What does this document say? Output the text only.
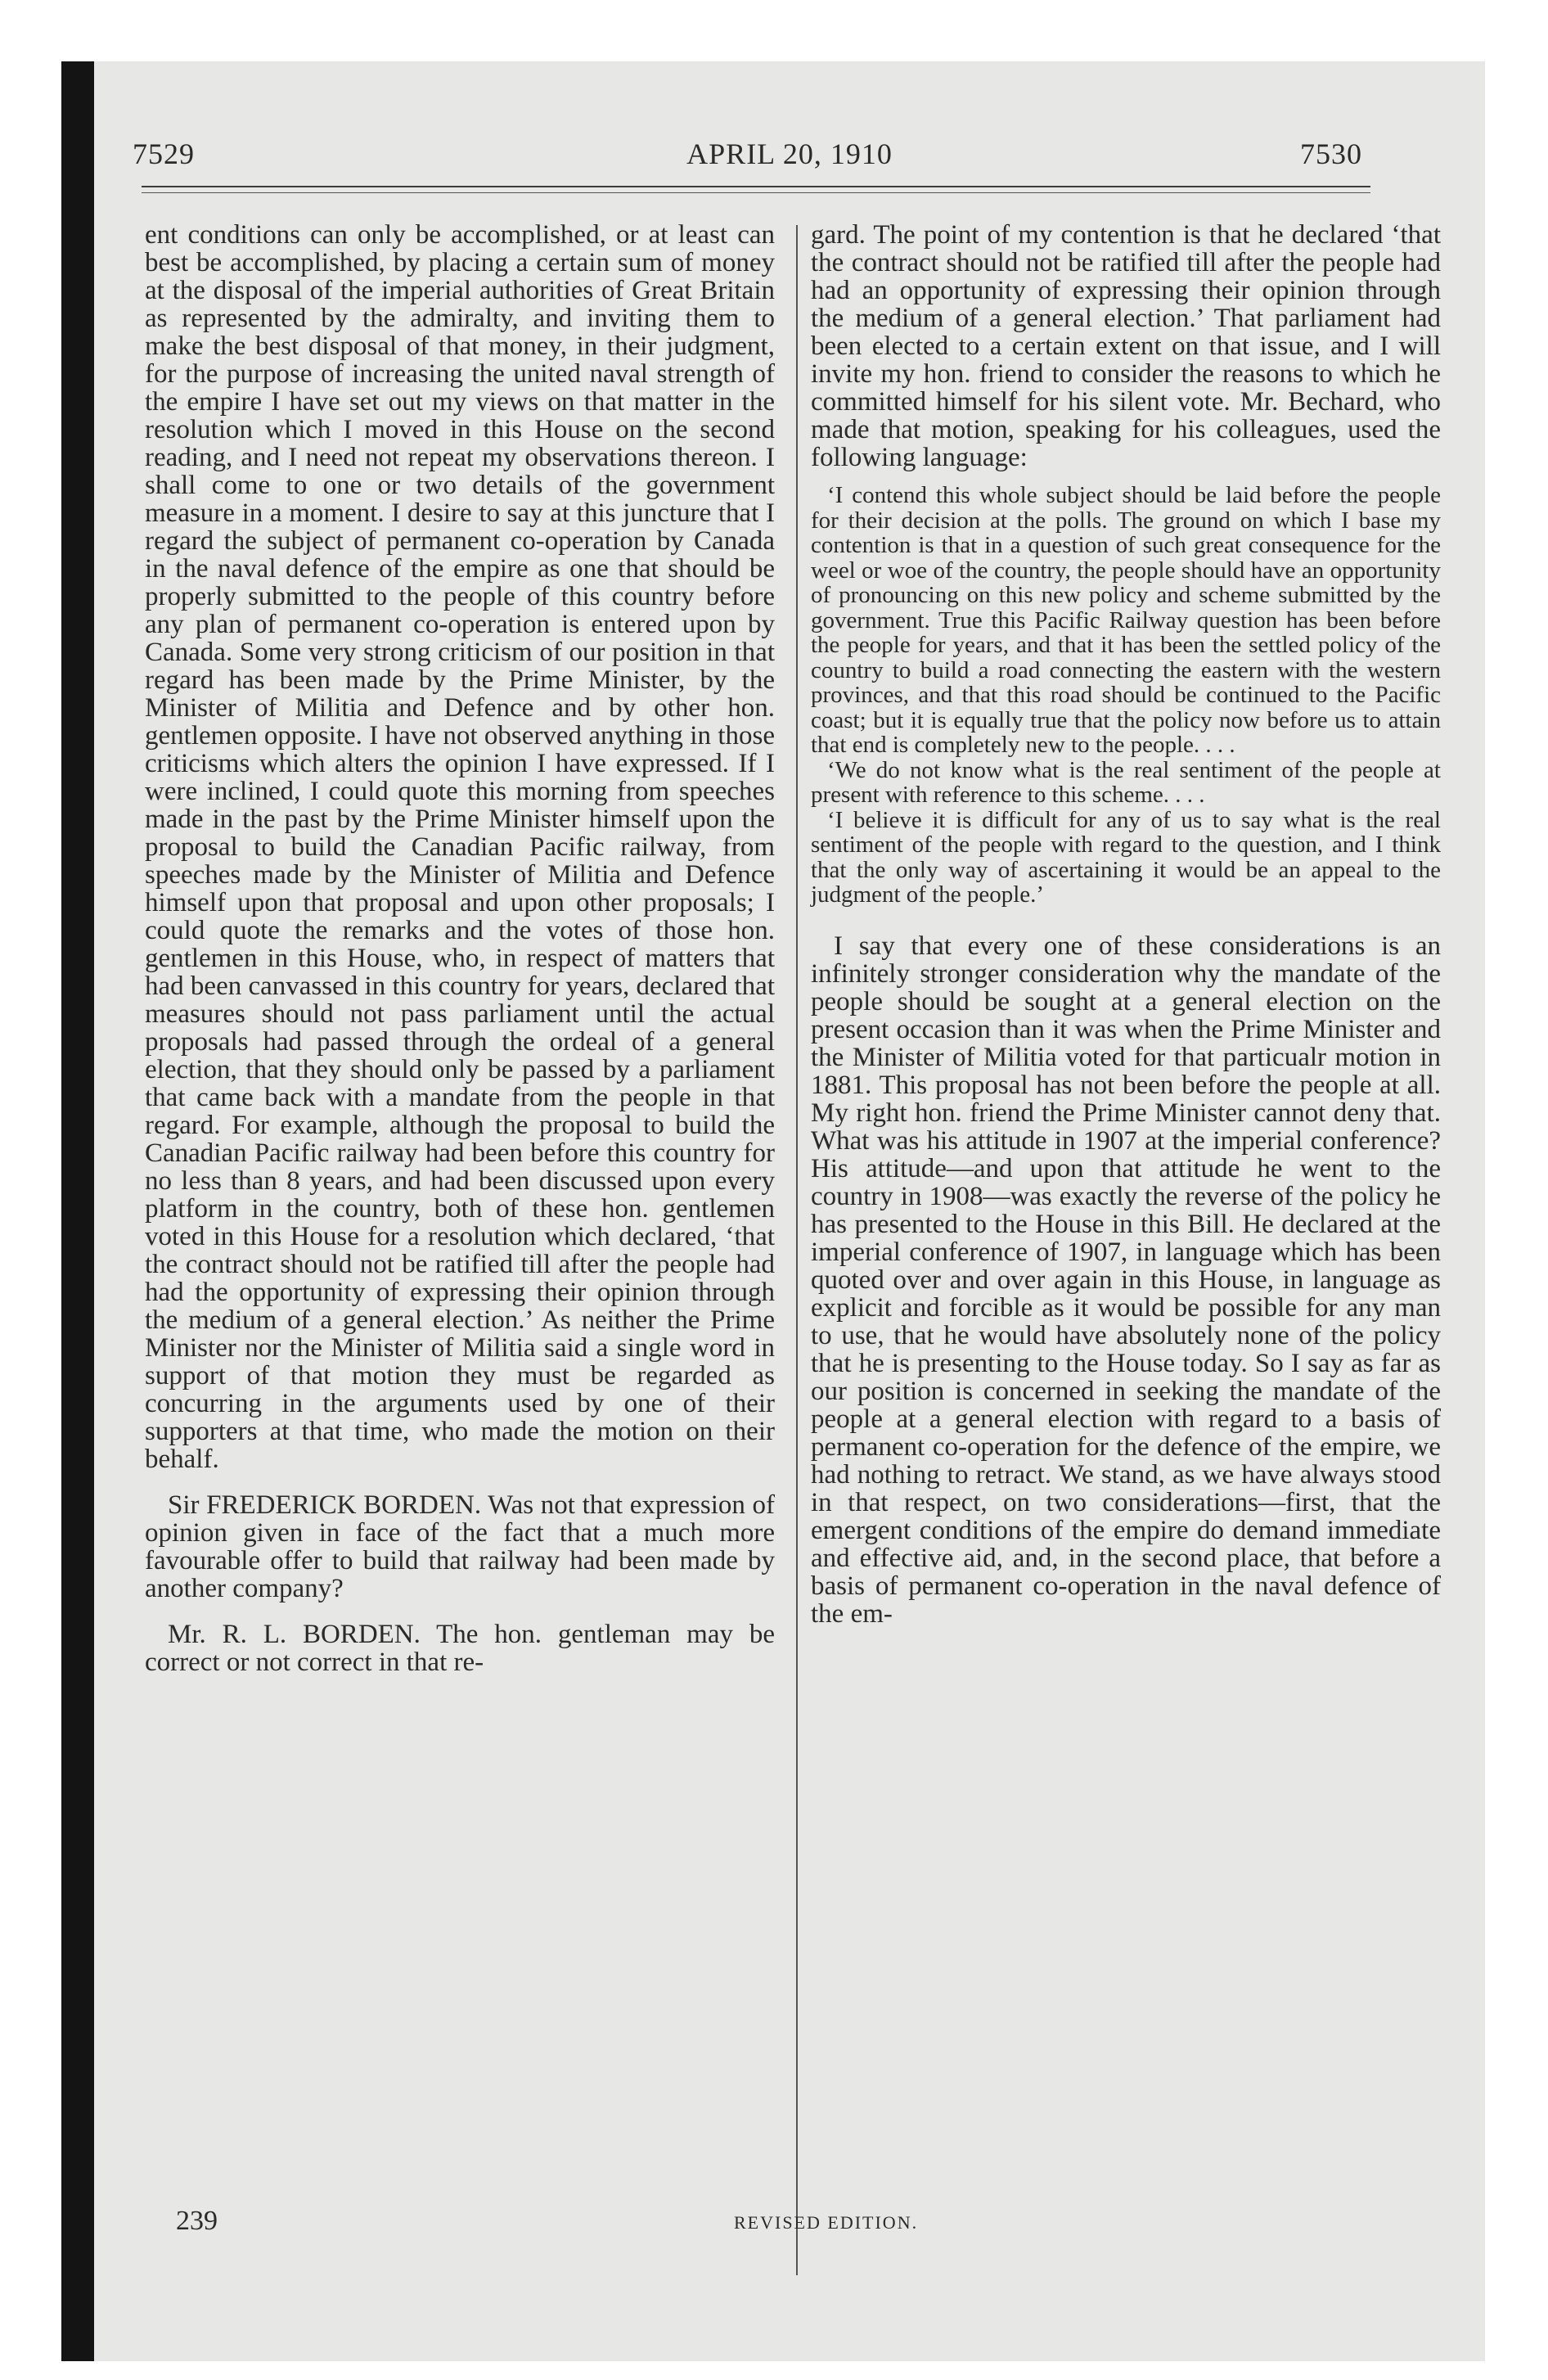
7529	APRIL 20, 1910	7530

ent conditions can only be accomplished, or at least can best be accomplished, by placing a certain sum of money at the disposal of the imperial authorities of Great Britain as represented by the admiralty, and inviting them to make the best disposal of that money, in their judgment, for the purpose of increasing the united naval strength of the empire I have set out my views on that matter in the resolution which I moved in this House on the second reading, and I need not repeat my observations thereon. I shall come to one or two details of the government measure in a moment. I desire to say at this juncture that I regard the subject of permanent co-operation by Canada in the naval defence of the empire as one that should be properly submitted to the people of this country before any plan of permanent co-operation is entered upon by Canada. Some very strong criticism of our position in that regard has been made by the Prime Minister, by the Minister of Militia and Defence and by other hon. gentlemen opposite. I have not observed anything in those criticisms which alters the opinion I have expressed. If I were inclined, I could quote this morning from speeches made in the past by the Prime Minister himself upon the proposal to build the Canadian Pacific railway, from speeches made by the Minister of Militia and Defence himself upon that proposal and upon other proposals; I could quote the remarks and the votes of those hon. gentlemen in this House, who, in respect of matters that had been canvassed in this country for years, declared that measures should not pass parliament until the actual proposals had passed through the ordeal of a general election, that they should only be passed by a parliament that came back with a mandate from the people in that regard. For example, although the proposal to build the Canadian Pacific railway had been before this country for no less than 8 years, and had been discussed upon every platform in the country, both of these hon. gentlemen voted in this House for a resolution which declared, ‘that the contract should not be ratified till after the people had had the opportunity of expressing their opinion through the medium of a general election.’ As neither the Prime Minister nor the Minister of Militia said a single word in support of that motion they must be regarded as concurring in the arguments used by one of their supporters at that time, who made the motion on their behalf.

Sir FREDERICK BORDEN. Was not that expression of opinion given in face of the fact that a much more favourable offer to build that railway had been made by another company?

Mr. R. L. BORDEN. The hon. gentleman may be correct or not correct in that re-

gard. The point of my contention is that he declared ‘that the contract should not be ratified till after the people had had an opportunity of expressing their opinion through the medium of a general election.’ That parliament had been elected to a certain extent on that issue, and I will invite my hon. friend to consider the reasons to which he committed himself for his silent vote. Mr. Bechard, who made that motion, speaking for his colleagues, used the following language:

‘I contend this whole subject should be laid before the people for their decision at the polls. The ground on which I base my contention is that in a question of such great consequence for the weel or woe of the country, the people should have an opportunity of pronouncing on this new policy and scheme submitted by the government. True this Pacific Railway question has been before the people for years, and that it has been the settled policy of the country to build a road connecting the eastern with the western provinces, and that this road should be continued to the Pacific coast; but it is equally true that the policy now before us to attain that end is completely new to the people. . . .

‘We do not know what is the real sentiment of the people at present with reference to this scheme. . . .

‘I believe it is difficult for any of us to say what is the real sentiment of the people with regard to the question, and I think that the only way of ascertaining it would be an appeal to the judgment of the people.’

I say that every one of these considerations is an infinitely stronger consideration why the mandate of the people should be sought at a general election on the present occasion than it was when the Prime Minister and the Minister of Militia voted for that particualr motion in 1881. This proposal has not been before the people at all. My right hon. friend the Prime Minister cannot deny that. What was his attitude in 1907 at the imperial conference? His attitude—and upon that attitude he went to the country in 1908—was exactly the reverse of the policy he has presented to the House in this Bill. He declared at the imperial conference of 1907, in language which has been quoted over and over again in this House, in language as explicit and forcible as it would be possible for any man to use, that he would have absolutely none of the policy that he is presenting to the House today. So I say as far as our position is concerned in seeking the mandate of the people at a general election with regard to a basis of permanent co-operation for the defence of the empire, we had nothing to retract. We stand, as we have always stood in that respect, on two considerations—first, that the emergent conditions of the empire do demand immediate and effective aid, and, in the second place, that before a basis of permanent co-operation in the naval defence of the em-

239	REVISED EDITION.
